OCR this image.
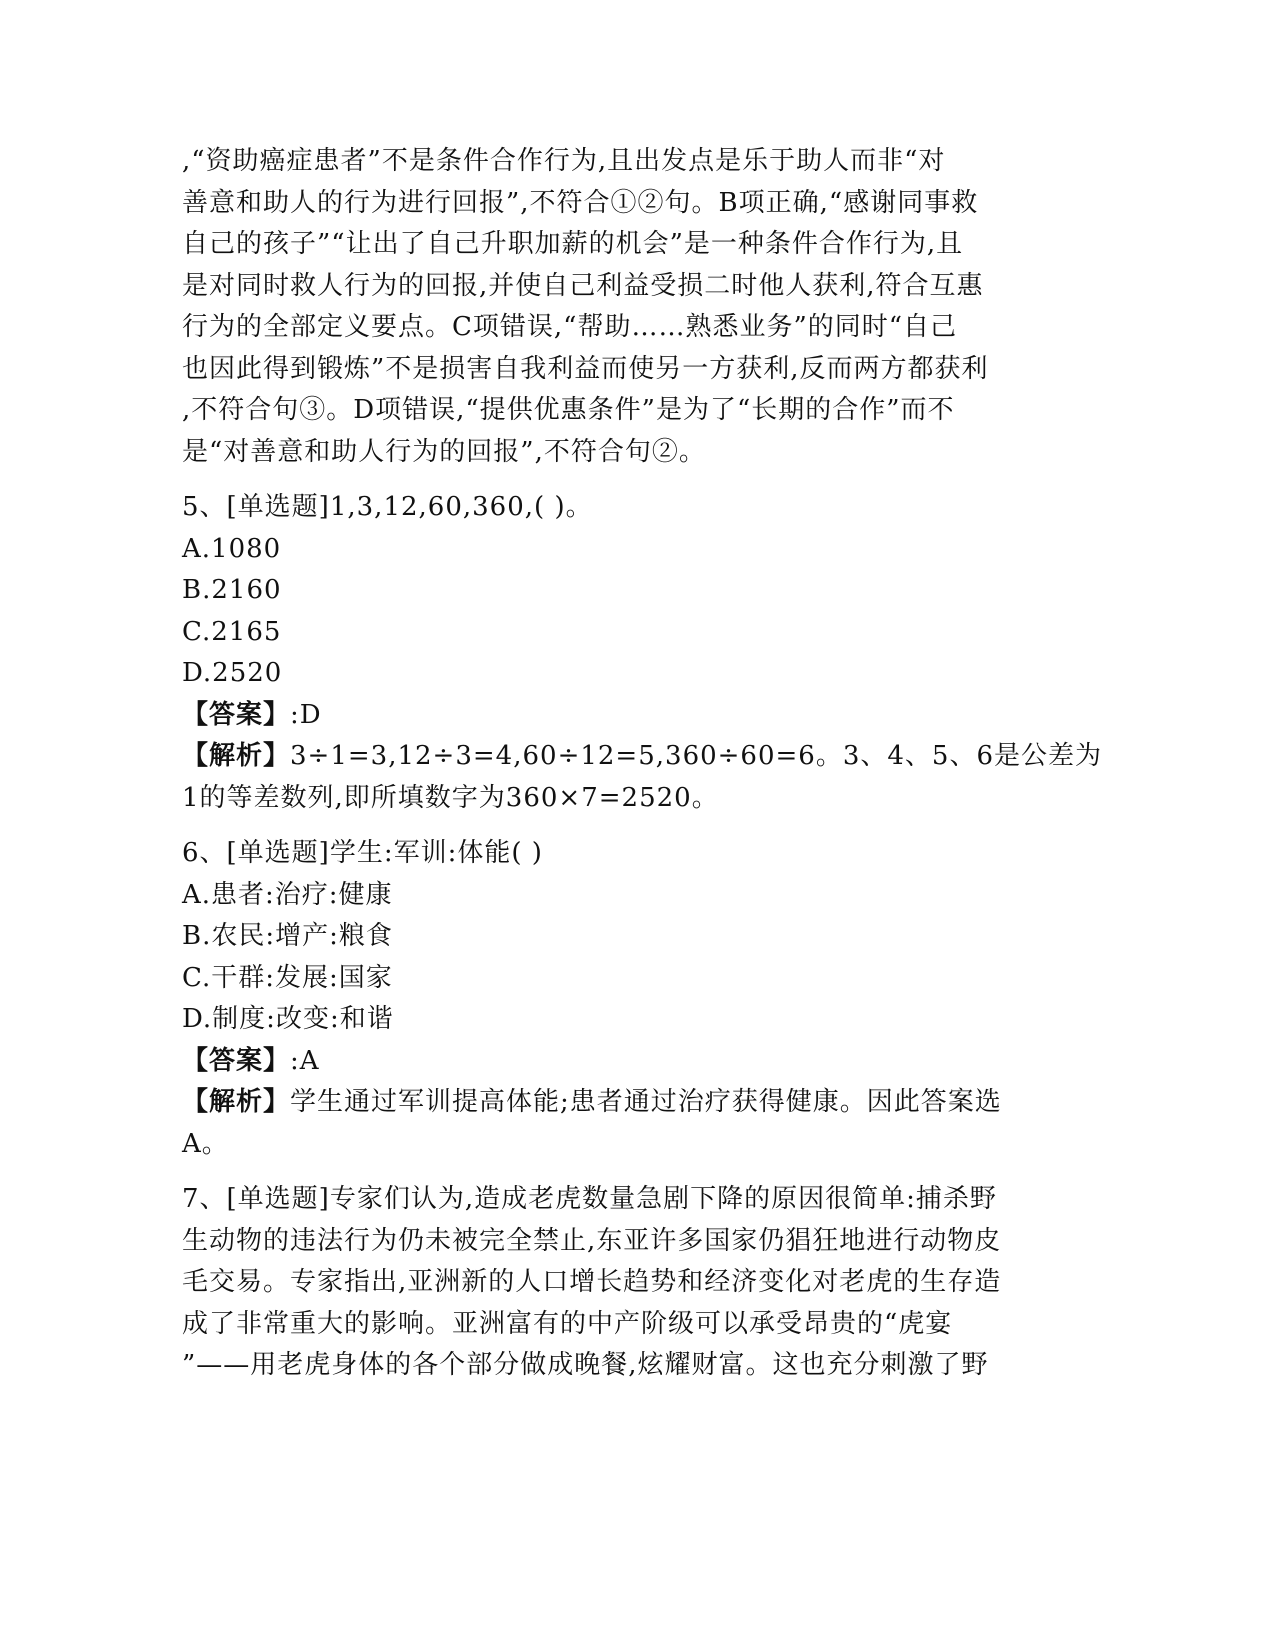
,“资助癌症患者”不是条件合作行为,且出发点是乐于助人而非“对
善意和助人的行为进行回报”,不符合①②句。B项正确,“感谢同事救
自己的孩子”“让出了自己升职加薪的机会”是一种条件合作行为,且
是对同时救人行为的回报,并使自己利益受损二时他人获利,符合互惠
行为的全部定义要点。C项错误,“帮助……熟悉业务”的同时“自己
也因此得到锻炼”不是损害自我利益而使另一方获利,反而两方都获利
,不符合句③。D项错误,“提供优惠条件”是为了“长期的合作”而不
是“对善意和助人行为的回报”,不符合句②。
5、[单选题]1,3,12,60,360,( )。
A.1080
B.2160
C.2165
D.2520
【答案】:D
【解析】3÷1=3,12÷3=4,60÷12=5,360÷60=6。3、4、5、6是公差为
1的等差数列,即所填数字为360×7=2520。
6、[单选题]学生:军训:体能( )
A.患者:治疗:健康
B.农民:增产:粮食
C.干群:发展:国家
D.制度:改变:和谐
【答案】:A
【解析】学生通过军训提高体能;患者通过治疗获得健康。因此答案选
A。
7、[单选题]专家们认为,造成老虎数量急剧下降的原因很简单:捕杀野
生动物的违法行为仍未被完全禁止,东亚许多国家仍猖狂地进行动物皮
毛交易。专家指出,亚洲新的人口增长趋势和经济变化对老虎的生存造
成了非常重大的影响。亚洲富有的中产阶级可以承受昂贵的“虎宴
”——用老虎身体的各个部分做成晚餐,炫耀财富。这也充分刺激了野
